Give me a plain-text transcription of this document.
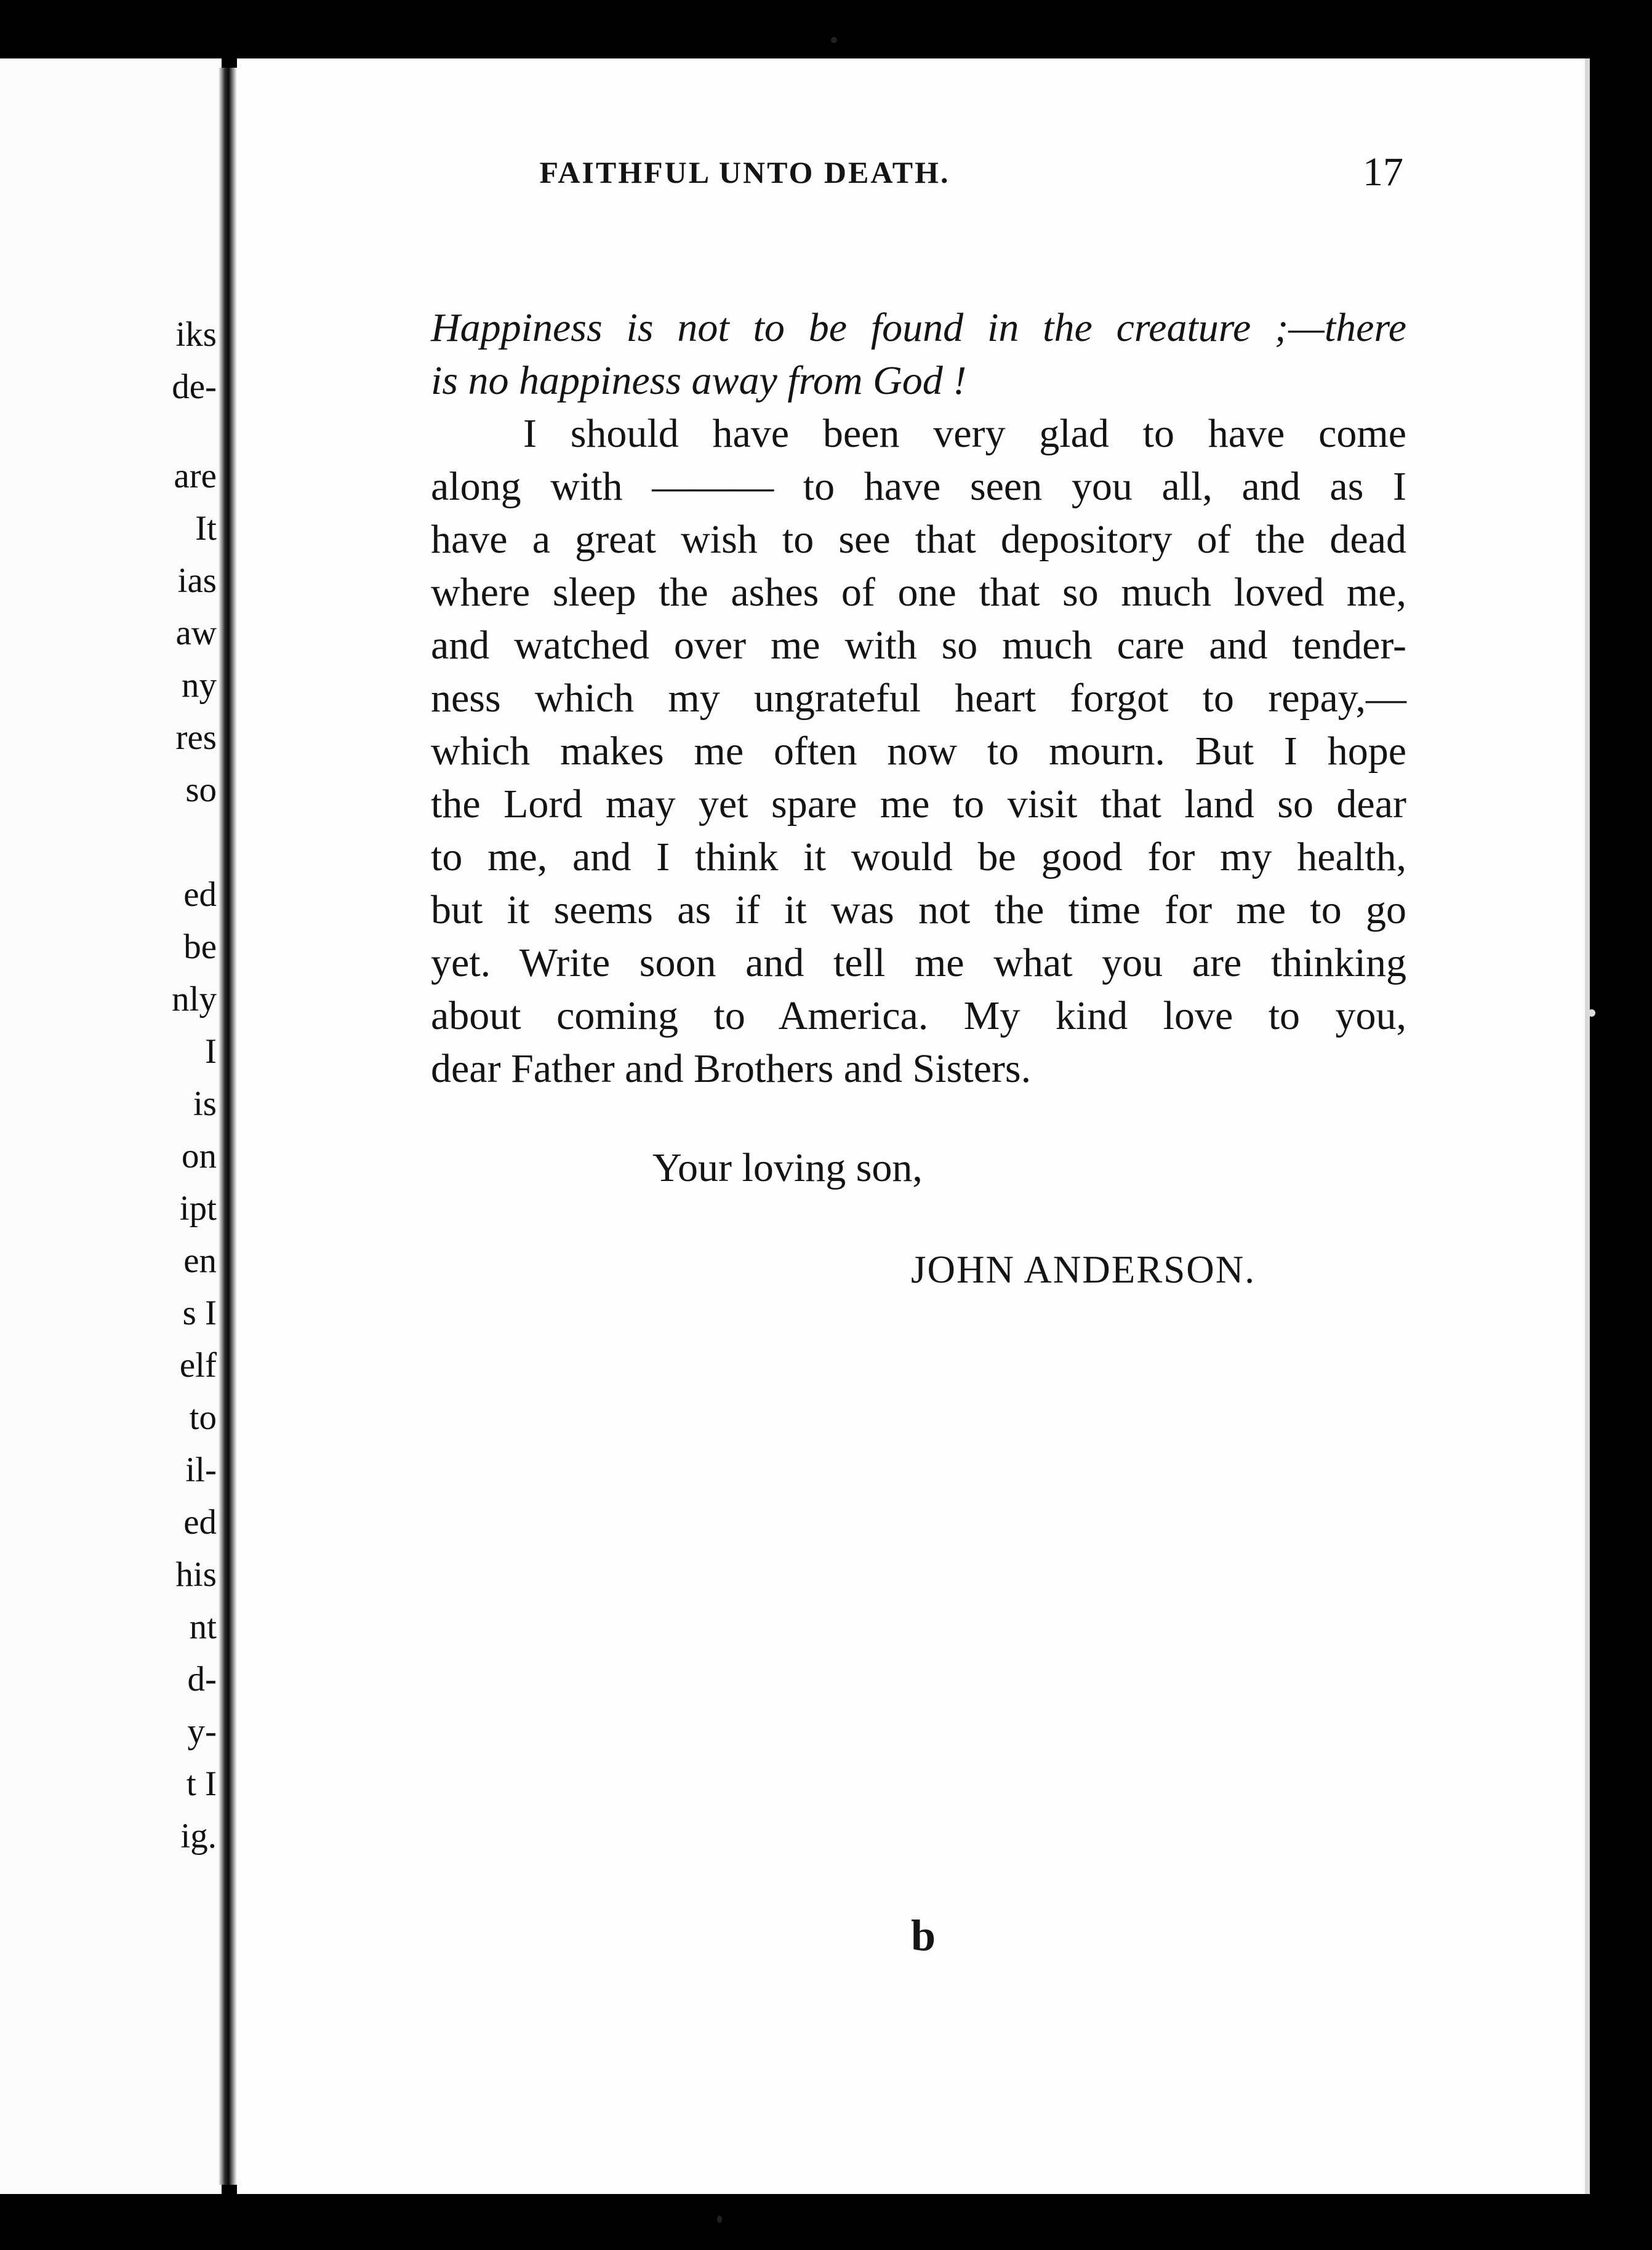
iks
de-
are
It
ias
aw
ny
res
so
ed
be
nly
I
is
on
ipt
en
s I
elf
to
il-
ed
his
nt
d-
y-
t I
ig.
FAITHFUL UNTO DEATH.	17
Happiness is not to be found in the creature ;—there
is no happiness away from God !
I should have been very glad to have come
along with ——— to have seen you all, and as I
have a great wish to see that depository of the dead
where sleep the ashes of one that so much loved me,
and watched over me with so much care and tender-
ness which my ungrateful heart forgot to repay,—
which makes me often now to mourn. But I hope
the Lord may yet spare me to visit that land so dear
to me, and I think it would be good for my health,
but it seems as if it was not the time for me to go
yet. Write soon and tell me what you are thinking
about coming to America. My kind love to you,
dear Father and Brothers and Sisters.
Your loving son,
JOHN ANDERSON.
b
